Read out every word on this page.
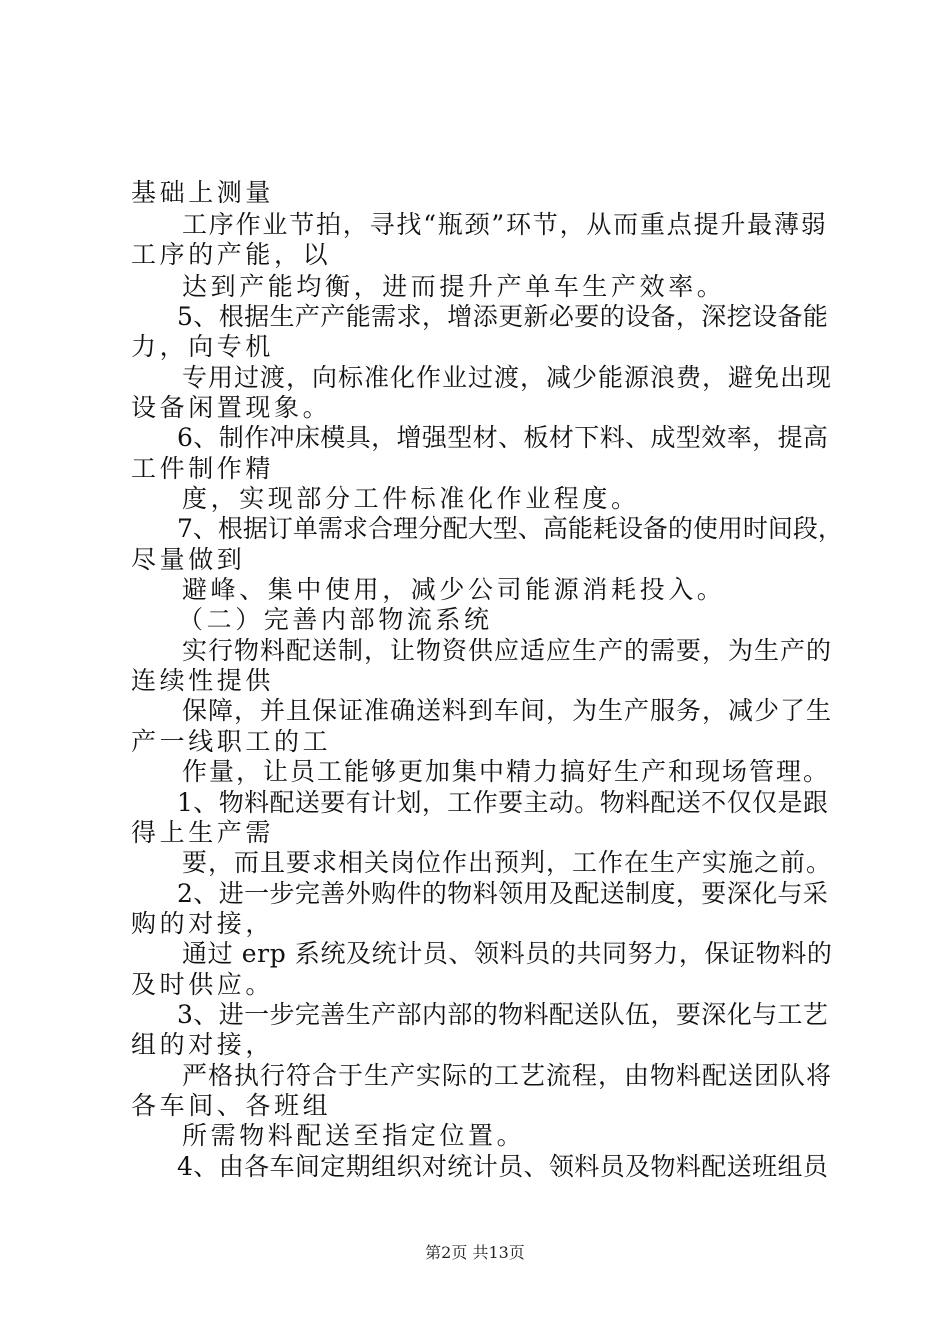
基础上测量
工序作业节拍，寻找“瓶颈”环节，从而重点提升最薄弱
工序的产能，以
达到产能均衡，进而提升产单车生产效率。
5、根据生产产能需求，增添更新必要的设备，深挖设备能
力，向专机
专用过渡，向标准化作业过渡，减少能源浪费，避免出现
设备闲置现象。
6、制作冲床模具，增强型材、板材下料、成型效率，提高
工件制作精
度，实现部分工件标准化作业程度。
7、根据订单需求合理分配大型、高能耗设备的使用时间段，
尽量做到
避峰、集中使用，减少公司能源消耗投入。
（二）完善内部物流系统
实行物料配送制，让物资供应适应生产的需要，为生产的
连续性提供
保障，并且保证准确送料到车间，为生产服务，减少了生
产一线职工的工
作量，让员工能够更加集中精力搞好生产和现场管理。
1、物料配送要有计划，工作要主动。物料配送不仅仅是跟
得上生产需
要，而且要求相关岗位作出预判，工作在生产实施之前。
2、进一步完善外购件的物料领用及配送制度，要深化与采
购的对接，
通过 erp 系统及统计员、领料员的共同努力，保证物料的
及时供应。
3、进一步完善生产部内部的物料配送队伍，要深化与工艺
组的对接，
严格执行符合于生产实际的工艺流程，由物料配送团队将
各车间、各班组
所需物料配送至指定位置。
4、由各车间定期组织对统计员、领料员及物料配送班组员
第2页 共13页
